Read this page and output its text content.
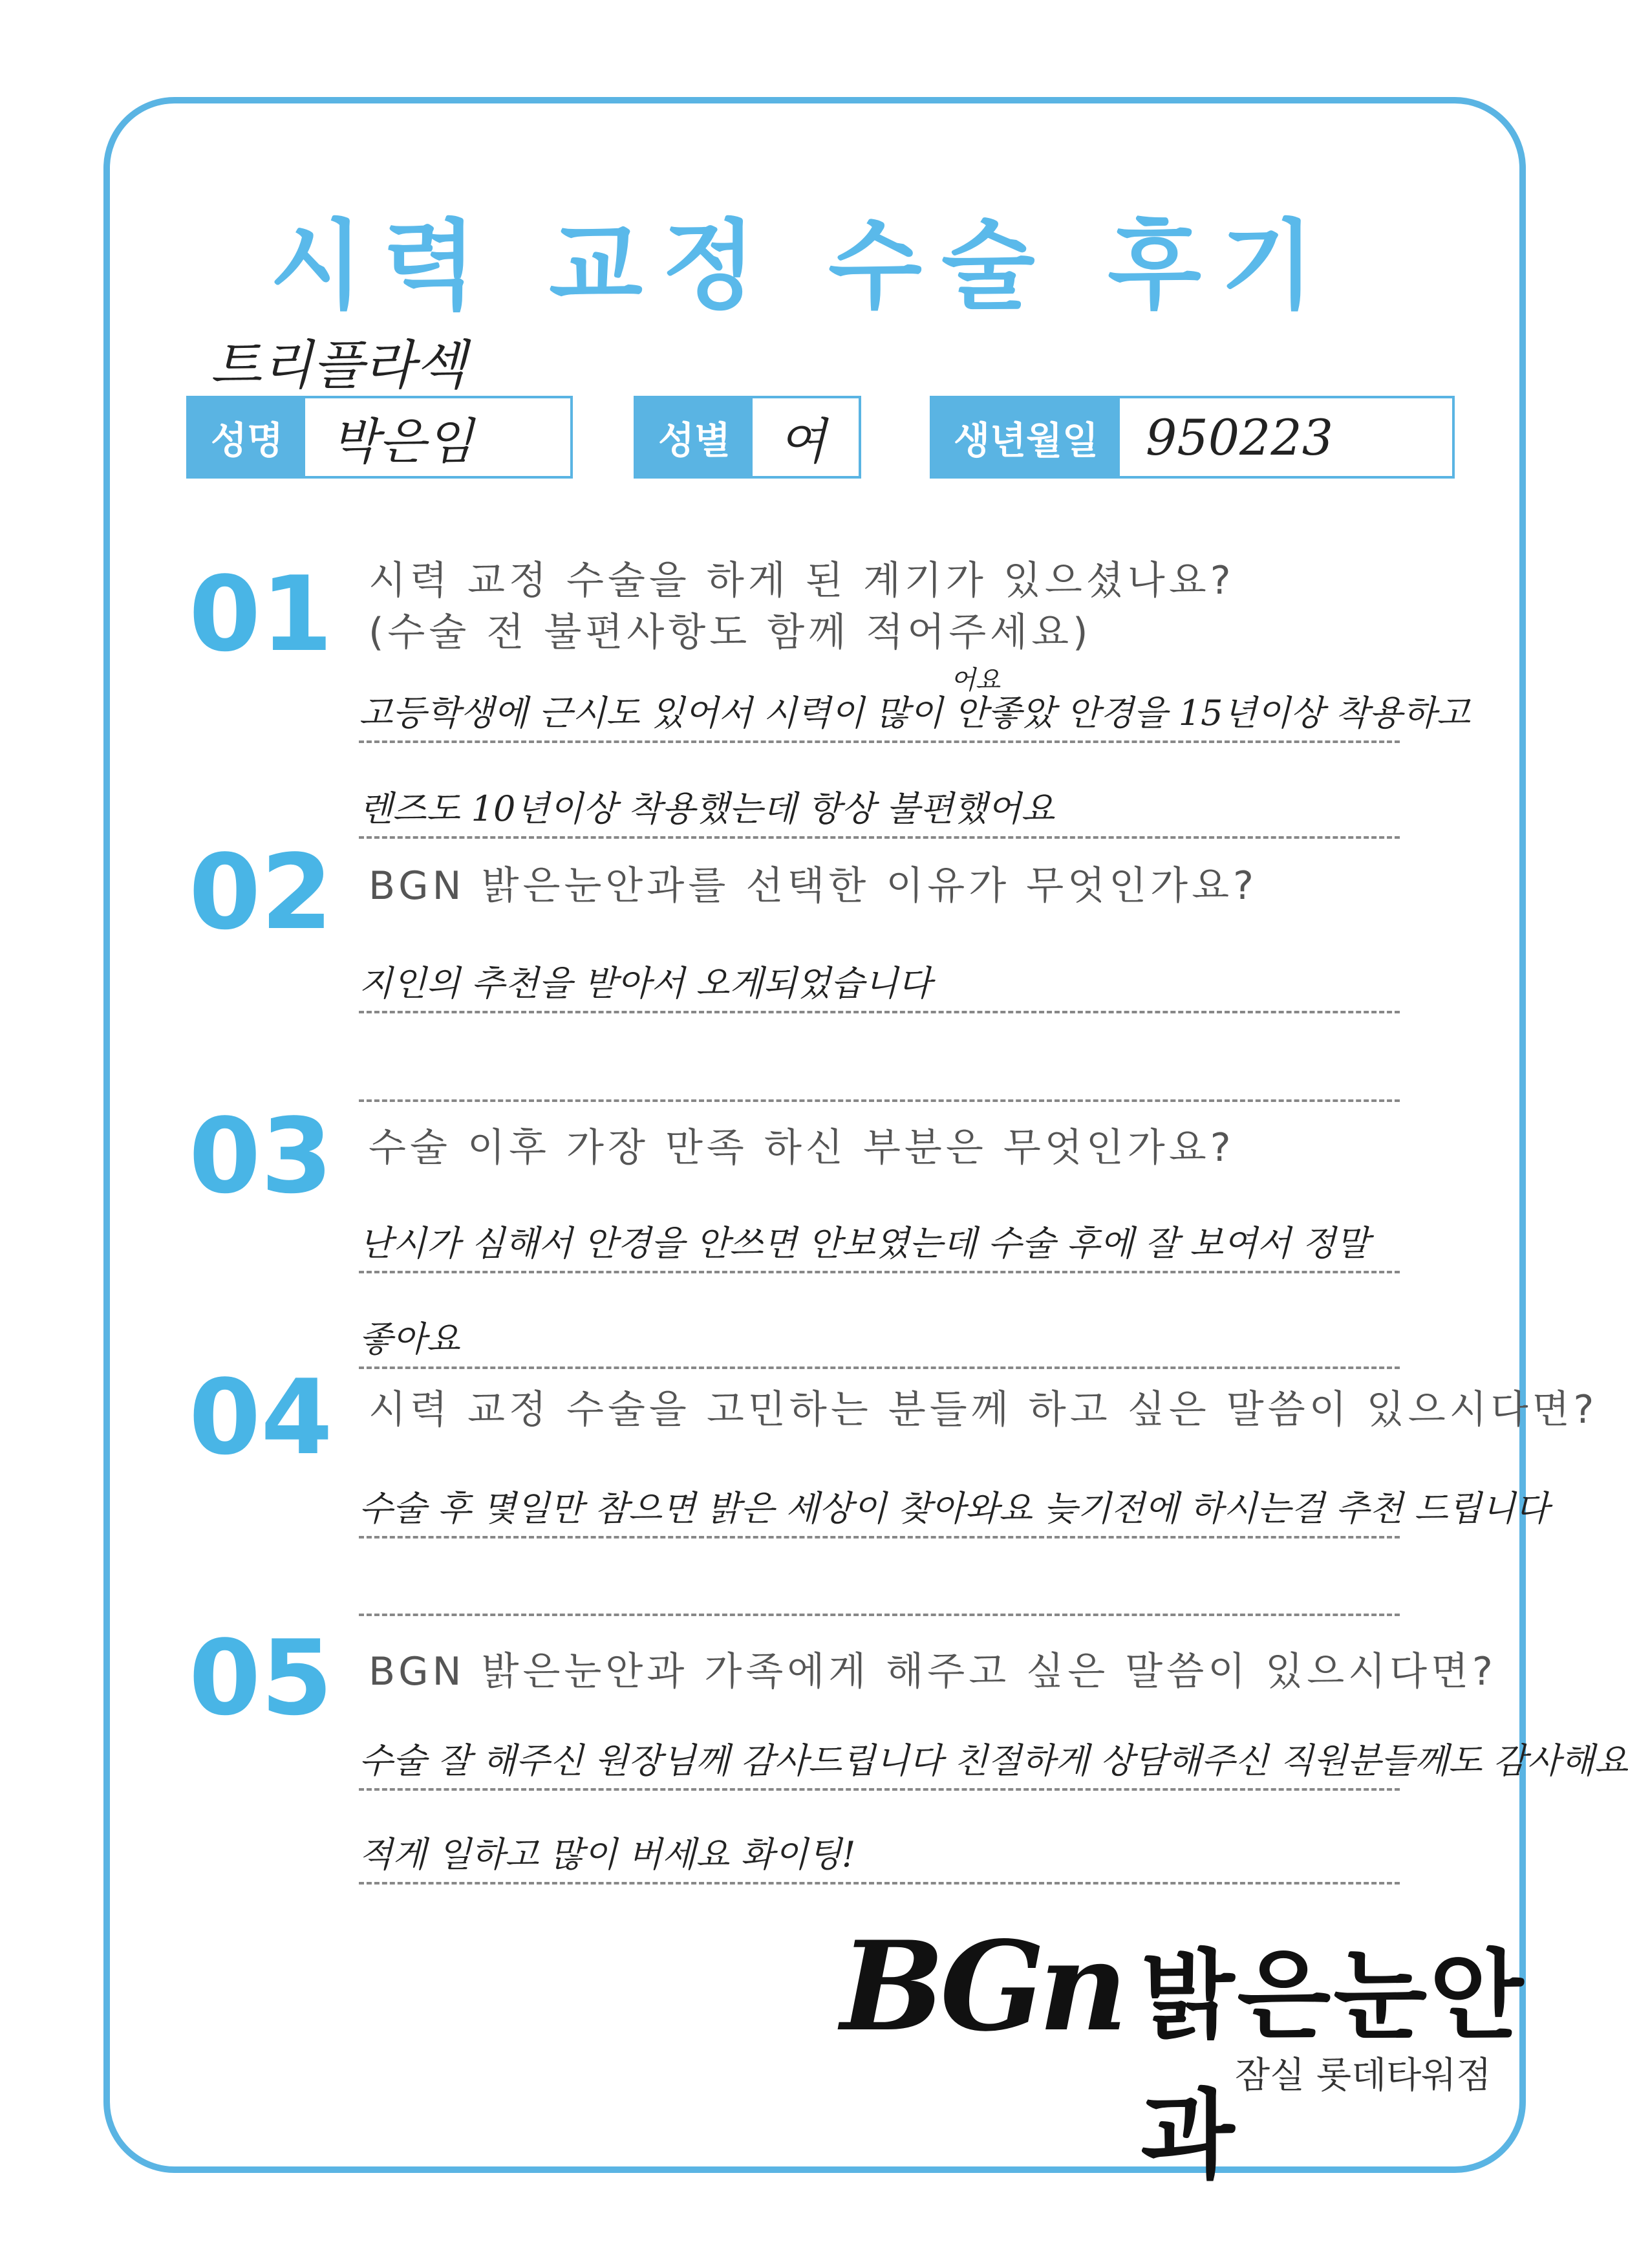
시력 교정 수술 후기
트리플라섹
성명 박은임	성별 여	생년월일 950223
01 시력 교정 수술을 하게 된 계기가 있으셨나요?
(수술 전 불편사항도 함께 적어주세요)
어요
고등학생에 근시도 있어서 시력이 많이 안좋았 안경을 15년이상 착용하고
렌즈도 10년이상 착용했는데 항상 불편했어요
02 BGN 밝은눈안과를 선택한 이유가 무엇인가요?
지인의 추천을 받아서 오게되었습니다
03 수술 이후 가장 만족 하신 부분은 무엇인가요?
난시가 심해서 안경을 안쓰면 안보였는데 수술 후에 잘 보여서 정말
좋아요
04 시력 교정 수술을 고민하는 분들께 하고 싶은 말씀이 있으시다면?
수술 후 몇일만 참으면 밝은 세상이 찾아와요 늦기전에 하시는걸 추천 드립니다
05 BGN 밝은눈안과 가족에게 해주고 싶은 말씀이 있으시다면?
수술 잘 해주신 원장님께 감사드립니다 친절하게 상담해주신 직원분들께도 감사해요
적게 일하고 많이 버세요 화이팅!
BGn 밝은눈안과
잠실 롯데타워점
